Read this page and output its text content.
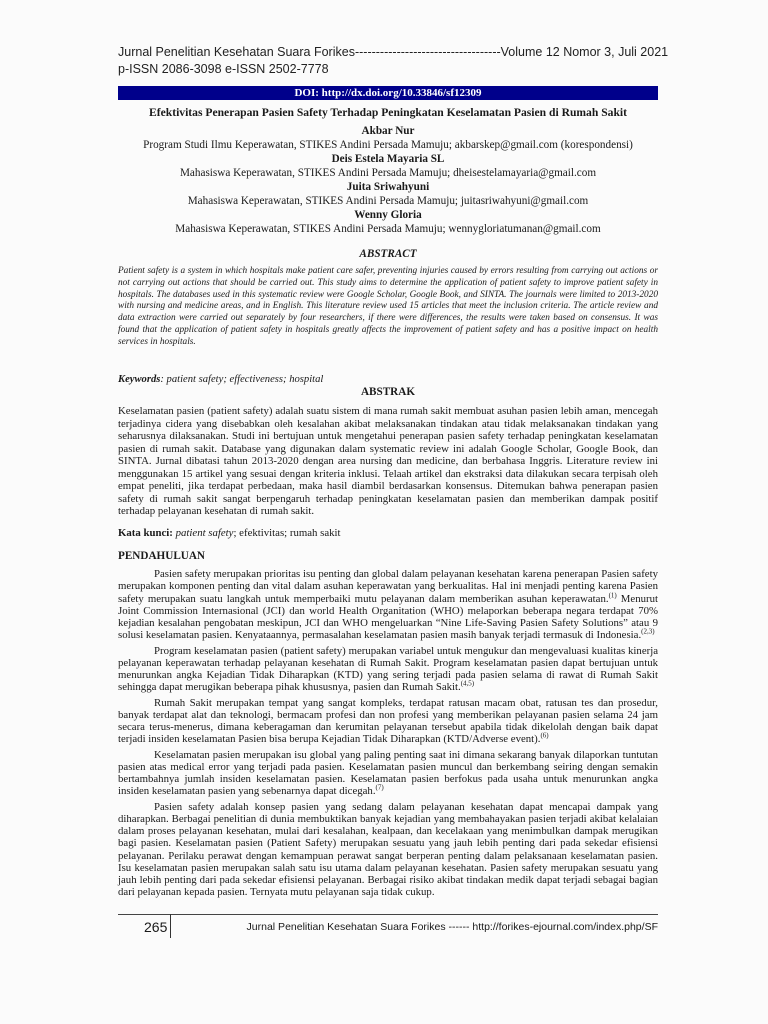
Jurnal Penelitian Kesehatan Suara Forikes ----------------------------------- Volume 12 Nomor 3, Juli 2021
p-ISSN 2086-3098 e-ISSN 2502-7778
DOI: http://dx.doi.org/10.33846/sf12309
Efektivitas Penerapan Pasien Safety Terhadap Peningkatan Keselamatan Pasien di Rumah Sakit
Akbar Nur
Program Studi Ilmu Keperawatan, STIKES Andini Persada Mamuju; akbarskep@gmail.com (korespondensi)
Deis Estela Mayaria SL
Mahasiswa Keperawatan, STIKES Andini Persada Mamuju; dheisestelamayaria@gmail.com
Juita Sriwahyuni
Mahasiswa Keperawatan, STIKES Andini Persada Mamuju; juitasriwahyuni@gmail.com
Wenny Gloria
Mahasiswa Keperawatan, STIKES Andini Persada Mamuju; wennygloriatumanan@gmail.com
ABSTRACT
Patient safety is a system in which hospitals make patient care safer, preventing injuries caused by errors resulting from carrying out actions or not carrying out actions that should be carried out. This study aims to determine the application of patient safety to improve patient safety in hospitals. The databases used in this systematic review were Google Scholar, Google Book, and SINTA. The journals were limited to 2013-2020 with nursing and medicine areas, and in English. This literature review used 15 articles that meet the inclusion criteria. The article review and data extraction were carried out separately by four researchers, if there were differences, the results were taken based on consensus. It was found that the application of patient safety in hospitals greatly affects the improvement of patient safety and has a positive impact on health services in hospitals.
Keywords: patient safety; effectiveness; hospital
ABSTRAK
Keselamatan pasien (patient safety) adalah suatu sistem di mana rumah sakit membuat asuhan pasien lebih aman, mencegah terjadinya cidera yang disebabkan oleh kesalahan akibat melaksanakan tindakan atau tidak melaksanakan tindakan yang seharusnya dilaksanakan. Studi ini bertujuan untuk mengetahui penerapan pasien safety terhadap peningkatan keselamatan pasien di rumah sakit. Database yang digunakan dalam systematic review ini adalah Google Scholar, Google Book, dan SINTA. Jurnal dibatasi tahun 2013-2020 dengan area nursing dan medicine, dan berbahasa Inggris. Literature review ini menggunakan 15 artikel yang sesuai dengan kriteria inklusi. Telaah artikel dan ekstraksi data dilakukan secara terpisah oleh empat peneliti, jika terdapat perbedaan, maka hasil diambil berdasarkan konsensus. Ditemukan bahwa penerapan pasien safety di rumah sakit sangat berpengaruh terhadap peningkatan keselamatan pasien dan memberikan dampak positif terhadap pelayanan kesehatan di rumah sakit.
Kata kunci: patient safety; efektivitas; rumah sakit
PENDAHULUAN

Pasien safety merupakan prioritas isu penting dan global dalam pelayanan kesehatan karena penerapan Pasien safety merupakan komponen penting dan vital dalam asuhan keperawatan yang berkualitas. Hal ini menjadi penting karena Pasien safety merupakan suatu langkah untuk memperbaiki mutu pelayanan dalam memberikan asuhan keperawatan.$^{(1)}$ Menurut Joint Commission Internasional (JCI) dan world Health Organitation (WHO) melaporkan beberapa negara terdapat 70% kejadian kesalahan pengobatan meskipun, JCI dan WHO mengeluarkan “Nine Life-Saving Pasien Safety Solutions” atau 9 solusi keselamatan pasien. Kenyataannya, permasalahan keselamatan pasien masih banyak terjadi termasuk di Indonesia.$^{(2,3)}$

Program keselamatan pasien (patient safety) merupakan variabel untuk mengukur dan mengevaluasi kualitas kinerja pelayanan keperawatan terhadap pelayanan kesehatan di Rumah Sakit. Program keselamatan pasien dapat bertujuan untuk menurunkan angka Kejadian Tidak Diharapkan (KTD) yang sering terjadi pada pasien selama di rawat di Rumah Sakit sehingga dapat merugikan beberapa pihak khususnya, pasien dan Rumah Sakit.$^{(4,5)}$

Rumah Sakit merupakan tempat yang sangat kompleks, terdapat ratusan macam obat, ratusan tes dan prosedur, banyak terdapat alat dan teknologi, bermacam profesi dan non profesi yang memberikan pelayanan pasien selama 24 jam secara terus-menerus, dimana keberagaman dan kerumitan pelayanan tersebut apabila tidak dikelolah dengan baik dapat terjadi insiden keselamatan Pasien bisa berupa Kejadian Tidak Diharapkan (KTD/Adverse event).$^{(6)}$

Keselamatan pasien merupakan isu global yang paling penting saat ini dimana sekarang banyak dilaporkan tuntutan pasien atas medical error yang terjadi pada pasien. Keselamatan pasien muncul dan berkembang seiring dengan semakin bertambahnya jumlah insiden keselamatan pasien. Keselamatan pasien berfokus pada usaha untuk menurunkan angka insiden keselamatan pasien yang sebenarnya dapat dicegah.$^{(7)}$

Pasien safety adalah konsep pasien yang sedang dalam pelayanan kesehatan dapat mencapai dampak yang diharapkan. Berbagai penelitian di dunia membuktikan banyak kejadian yang membahayakan pasien terjadi akibat kelalaian dalam proses pelayanan kesehatan, mulai dari kesalahan, kealpaan, dan kecelakaan yang menimbulkan dampak merugikan bagi pasien. Keselamatan pasien (Patient Safety) merupakan sesuatu yang jauh lebih penting dari pada sekedar efisiensi pelayanan. Perilaku perawat dengan kemampuan perawat sangat berperan penting dalam pelaksanaan keselamatan pasien. Isu keselamatan pasien merupakan salah satu isu utama dalam pelayanan kesehatan. Pasien safety merupakan sesuatu yang jauh lebih penting dari pada sekedar efisiensi pelayanan. Berbagai risiko akibat tindakan medik dapat terjadi sebagai bagian dari pelayanan kepada pasien. Ternyata mutu pelayanan saja tidak cukup.

265	Jurnal Penelitian Kesehatan Suara Forikes ------ http://forikes-ejournal.com/index.php/SF
